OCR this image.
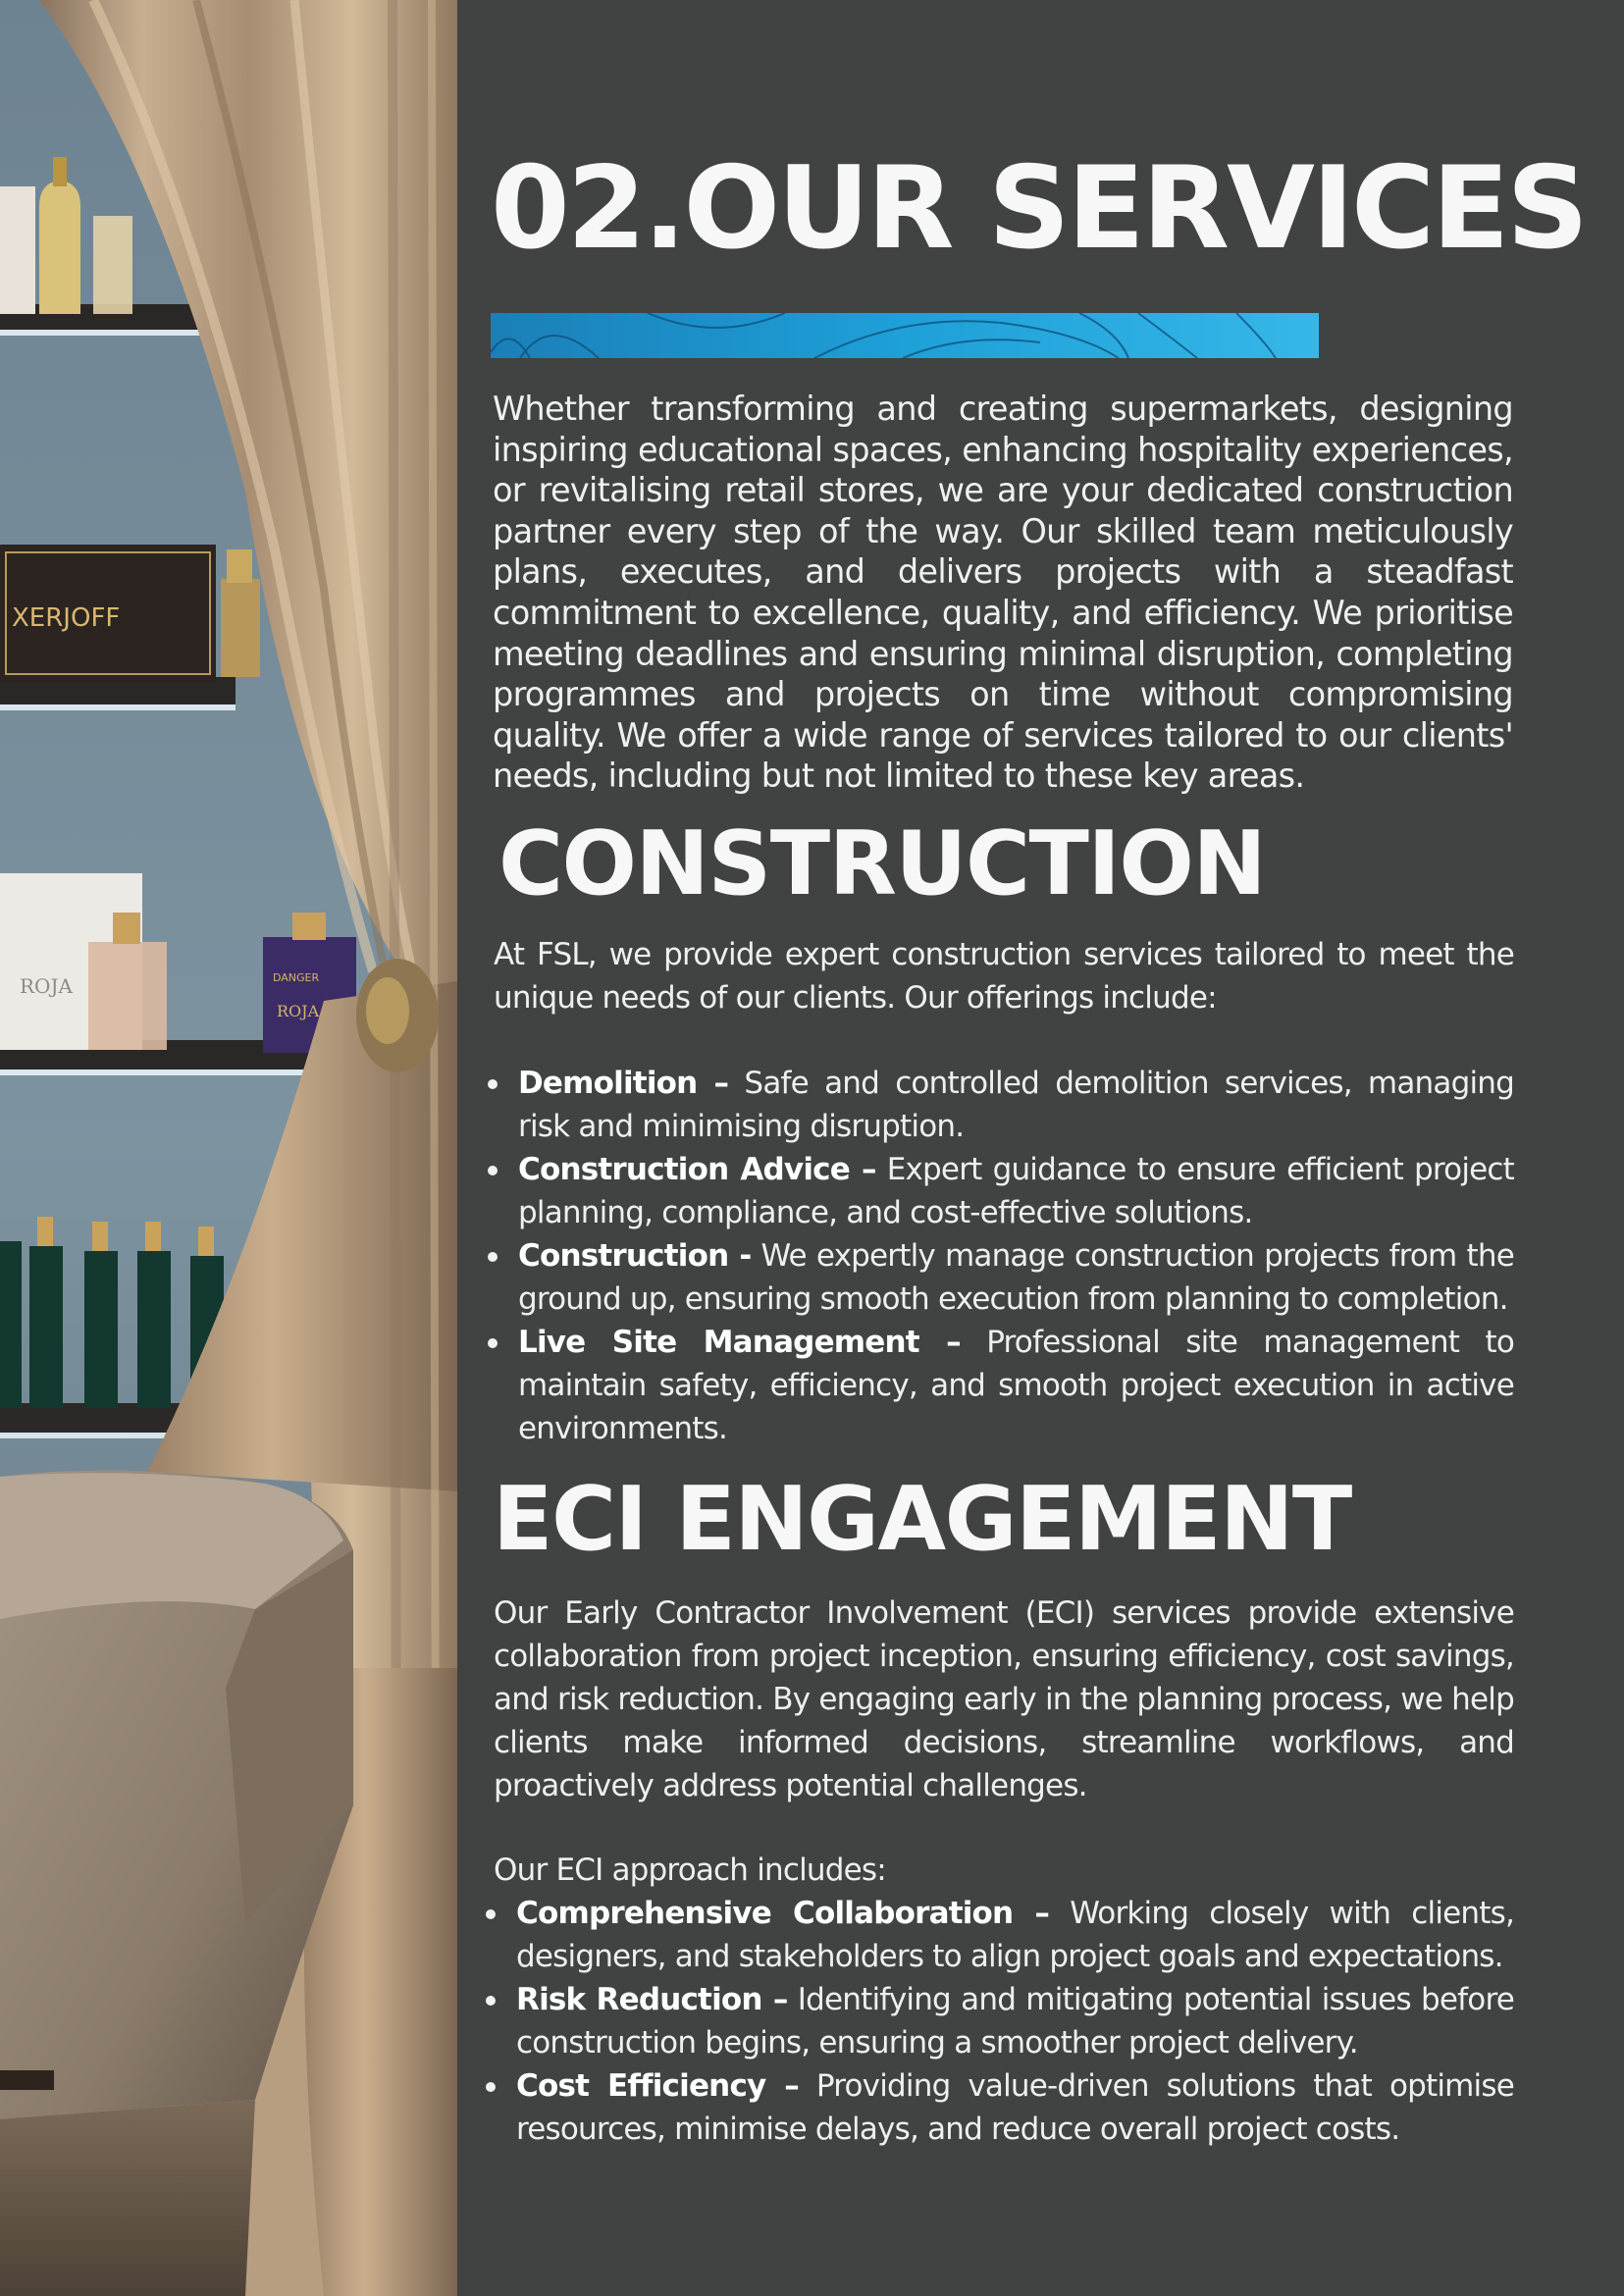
XERJOFF
ROJA	DANGER
ROJA
02.OUR SERVICES

Whether transforming and creating supermarkets, designing inspiring educational spaces, enhancing hospitality experiences, or revitalising retail stores, we are your dedicated construction partner every step of the way. Our skilled team meticulously plans, executes, and delivers projects with a steadfast commitment to excellence, quality, and efficiency. We prioritise meeting deadlines and ensuring minimal disruption, completing programmes and projects on time without compromising quality. We offer a wide range of services tailored to our clients' needs, including but not limited to these key areas.

CONSTRUCTION

At FSL, we provide expert construction services tailored to meet the unique needs of our clients. Our offerings include:

Demolition – Safe and controlled demolition services, managing risk and minimising disruption.
Construction Advice – Expert guidance to ensure efficient project planning, compliance, and cost-effective solutions.
Construction - We expertly manage construction projects from the ground up, ensuring smooth execution from planning to completion.
Live Site Management – Professional site management to maintain safety, efficiency, and smooth project execution in active environments.
ECI ENGAGEMENT

Our Early Contractor Involvement (ECI) services provide extensive collaboration from project inception, ensuring efficiency, cost savings, and risk reduction. By engaging early in the planning process, we help clients make informed decisions, streamline workflows, and proactively address potential challenges.

Our ECI approach includes:

Comprehensive Collaboration – Working closely with clients, designers, and stakeholders to align project goals and expectations.
Risk Reduction – Identifying and mitigating potential issues before construction begins, ensuring a smoother project delivery.
Cost Efficiency – Providing value-driven solutions that optimise resources, minimise delays, and reduce overall project costs.
